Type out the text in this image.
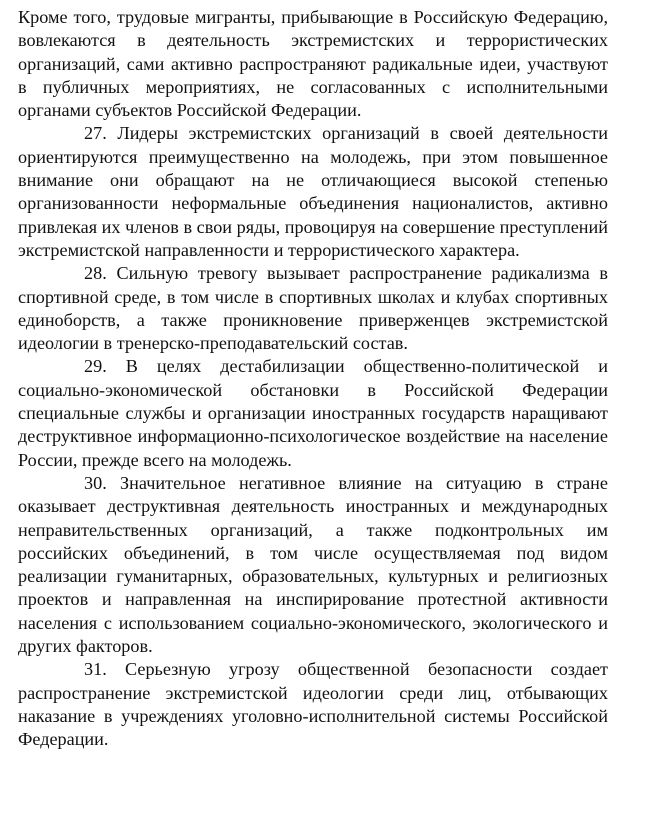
Кроме того, трудовые мигранты, прибывающие в Российскую Федерацию, вовлекаются в деятельность экстремистских и террористических организаций, сами активно распространяют радикальные идеи, участвуют в публичных мероприятиях, не согласованных с исполнительными органами субъектов Российской Федерации.

27. Лидеры экстремистских организаций в своей деятельности ориентируются преимущественно на молодежь, при этом повышенное внимание они обращают на не отличающиеся высокой степенью организованности неформальные объединения националистов, активно привлекая их членов в свои ряды, провоцируя на совершение преступлений экстремистской направленности и террористического характера.

28. Сильную тревогу вызывает распространение радикализма в спортивной среде, в том числе в спортивных школах и клубах спортивных единоборств, а также проникновение приверженцев экстремистской идеологии в тренерско-преподавательский состав.

29. В целях дестабилизации общественно-политической и социально-экономической обстановки в Российской Федерации специальные службы и организации иностранных государств наращивают деструктивное информационно-психологическое воздействие на население России, прежде всего на молодежь.

30. Значительное негативное влияние на ситуацию в стране оказывает деструктивная деятельность иностранных и международных неправительственных организаций, а также подконтрольных им российских объединений, в том числе осуществляемая под видом реализации гуманитарных, образовательных, культурных и религиозных проектов и направленная на инспирирование протестной активности населения с использованием социально-экономического, экологического и других факторов.

31. Серьезную угрозу общественной безопасности создает распространение экстремистской идеологии среди лиц, отбывающих наказание в учреждениях уголовно-исполнительной системы Российской Федерации.
